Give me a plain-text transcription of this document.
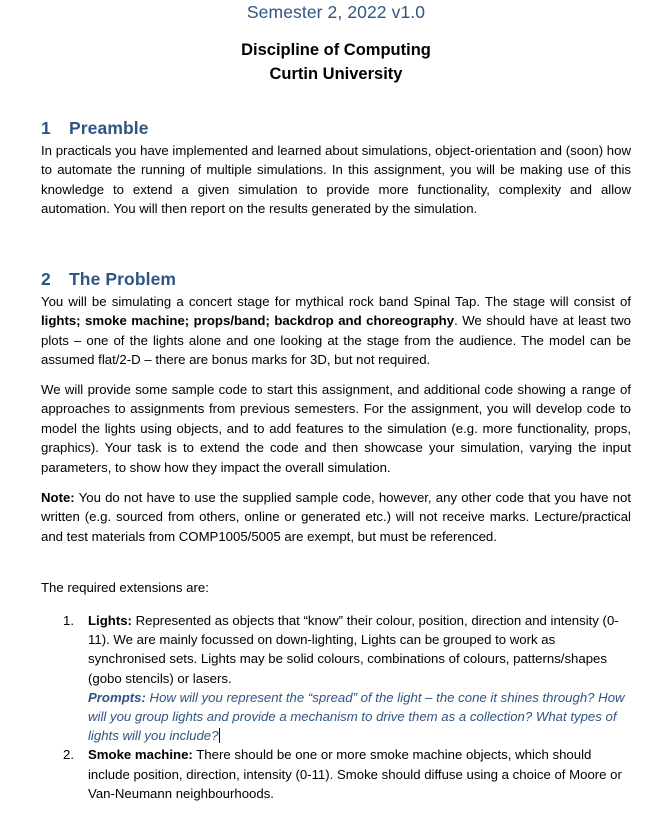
Semester 2, 2022 v1.0
Discipline of Computing
Curtin University
1 Preamble

In practicals you have implemented and learned about simulations, object-orientation and (soon) how to automate the running of multiple simulations. In this assignment, you will be making use of this knowledge to extend a given simulation to provide more functionality, complexity and allow automation. You will then report on the results generated by the simulation.

2 The Problem

You will be simulating a concert stage for mythical rock band Spinal Tap. The stage will consist of lights; smoke machine; props/band; backdrop and choreography. We should have at least two plots – one of the lights alone and one looking at the stage from the audience. The model can be assumed flat/2-D – there are bonus marks for 3D, but not required.

We will provide some sample code to start this assignment, and additional code showing a range of approaches to assignments from previous semesters. For the assignment, you will develop code to model the lights using objects, and to add features to the simulation (e.g. more functionality, props, graphics). Your task is to extend the code and then showcase your simulation, varying the input parameters, to show how they impact the overall simulation.

Note: You do not have to use the supplied sample code, however, any other code that you have not written (e.g. sourced from others, online or generated etc.) will not receive marks. Lecture/practical and test materials from COMP1005/5005 are exempt, but must be referenced.

The required extensions are:

1. Lights: Represented as objects that “know” their colour, position, direction and intensity (0-11). We are mainly focussed on down-lighting, Lights can be grouped to work as synchronised sets. Lights may be solid colours, combinations of colours, patterns/shapes (gobo stencils) or lasers.
Prompts: How will you represent the “spread” of the light – the cone it shines through? How will you group lights and provide a mechanism to drive them as a collection? What types of lights will you include?
2. Smoke machine: There should be one or more smoke machine objects, which should include position, direction, intensity (0-11). Smoke should diffuse using a choice of Moore or Van-Neumann neighbourhoods.
